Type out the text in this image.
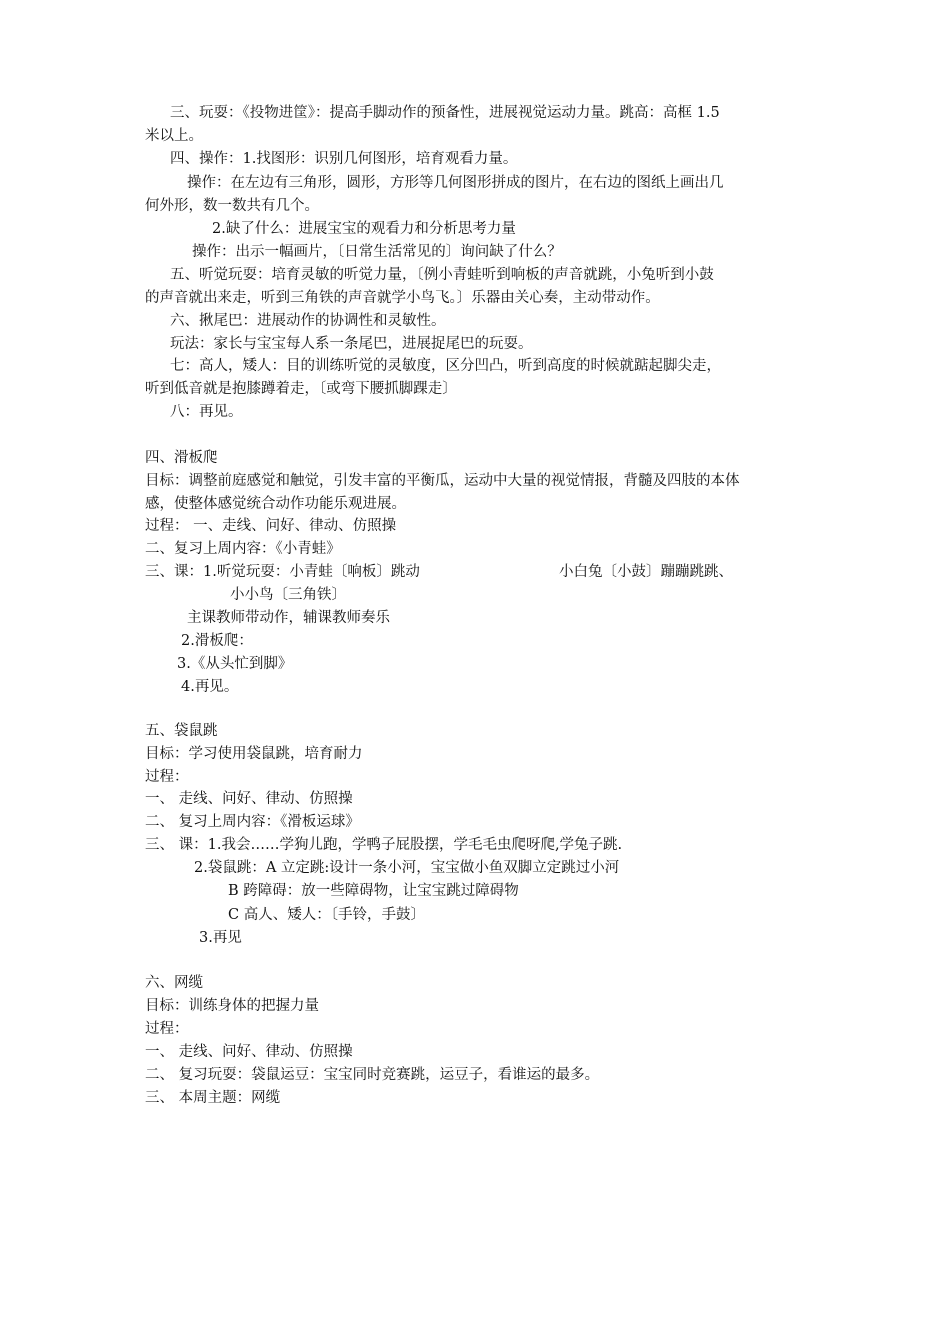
三、玩耍：《投物进筐》：提高手脚动作的预备性，进展视觉运动力量。跳高：高框 1.5
米以上。
四、操作：1.找图形：识别几何图形，培育观看力量。
操作：在左边有三角形，圆形，方形等几何图形拼成的图片，在右边的图纸上画出几
何外形，数一数共有几个。
2.缺了什么：进展宝宝的观看力和分析思考力量
操作：出示一幅画片，〔日常生活常见的〕询问缺了什么？
五、听觉玩耍：培育灵敏的听觉力量，〔例小青蛙听到响板的声音就跳，小兔听到小鼓
的声音就出来走，听到三角铁的声音就学小鸟飞。〕乐器由关心奏，主动带动作。
六、揪尾巴：进展动作的协调性和灵敏性。
玩法：家长与宝宝每人系一条尾巴，进展捉尾巴的玩耍。
七：高人，矮人：目的训练听觉的灵敏度，区分凹凸，听到高度的时候就踮起脚尖走，
听到低音就是抱膝蹲着走，〔或弯下腰抓脚踝走〕
八：再见。
四、滑板爬
目标：调整前庭感觉和触觉，引发丰富的平衡瓜，运动中大量的视觉情报，背髓及四肢的本体
感，使整体感觉统合动作功能乐观进展。
过程： 一、走线、问好、律动、仿照操
二、复习上周内容：《小青蛙》
三、课：1.听觉玩耍：小青蛙〔响板〕跳动	小白兔〔小鼓〕蹦蹦跳跳、
小小鸟〔三角铁〕
主课教师带动作，辅课教师奏乐
2.滑板爬：
3.《从头忙到脚》
4.再见。
五、袋鼠跳
目标：学习使用袋鼠跳，培育耐力
过程：
一、 走线、问好、律动、仿照操
二、 复习上周内容：《滑板运球》
三、 课：1.我会……学狗儿跑，学鸭子屁股摆，学毛毛虫爬呀爬,学兔子跳.
2.袋鼠跳：A 立定跳:设计一条小河，宝宝做小鱼双脚立定跳过小河
B 跨障碍：放一些障碍物，让宝宝跳过障碍物
C 高人、矮人：〔手铃，手鼓〕
3.再见
六、网缆
目标：训练身体的把握力量
过程：
一、 走线、问好、律动、仿照操
二、 复习玩耍：袋鼠运豆：宝宝同时竞赛跳，运豆子，看谁运的最多。
三、 本周主题：网缆
